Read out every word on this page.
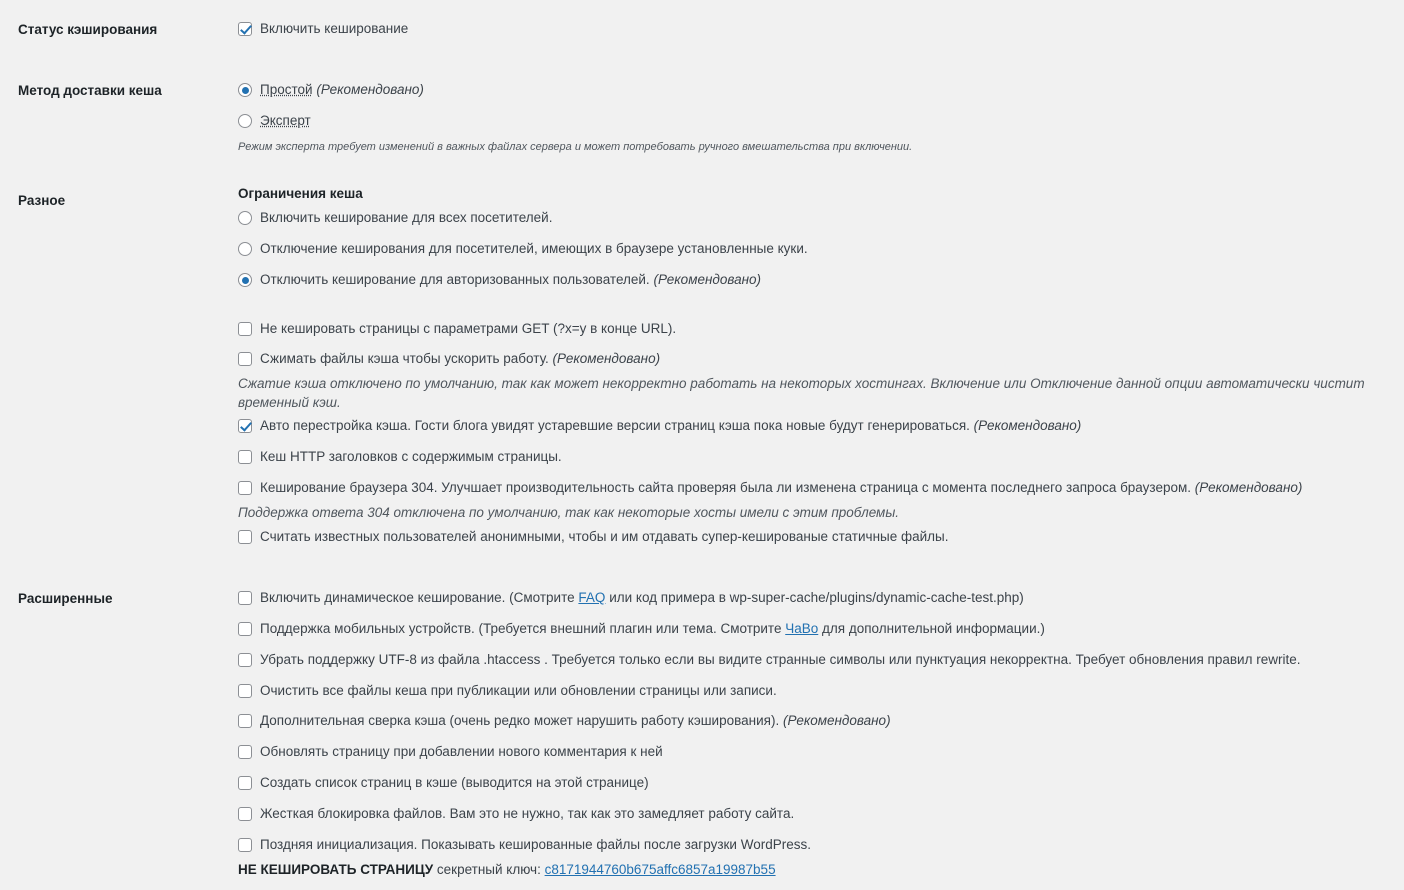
Статус кэширования
Метод доставки кеша
Разное
Расширенные
Включить кеширование
Простой (Рекомендовано)
Эксперт
Режим эксперта требует изменений в важных файлах сервера и может потребовать ручного вмешательства при включении.
Ограничения кеша
Включить кеширование для всех посетителей.
Отключение кеширования для посетителей, имеющих в браузере установленные куки.
Отключить кеширование для авторизованных пользователей. (Рекомендовано)
Не кешировать страницы с параметрами GET (?x=y в конце URL).
Сжимать файлы кэша чтобы ускорить работу. (Рекомендовано)
Сжатие кэша отключено по умолчанию, так как может некорректно работать на некоторых хостингах. Включение или Отключение данной опции автоматически чистит
временный кэш.
Авто перестройка кэша. Гости блога увидят устаревшие версии страниц кэша пока новые будут генерироваться. (Рекомендовано)
Кеш HTTP заголовков с содержимым страницы.
Кеширование браузера 304. Улучшает производительность сайта проверяя была ли изменена страница с момента последнего запроса браузером. (Рекомендовано)
Поддержка ответа 304 отключена по умолчанию, так как некоторые хосты имели с этим проблемы.
Считать известных пользователей анонимными, чтобы и им отдавать супер-кешированые статичные файлы.
Включить динамическое кеширование. (Смотрите FAQ или код примера в wp-super-cache/plugins/dynamic-cache-test.php)
Поддержка мобильных устройств. (Требуется внешний плагин или тема. Смотрите ЧаВо для дополнительной информации.)
Убрать поддержку UTF-8 из файла .htaccess . Требуется только если вы видите странные символы или пунктуация некорректна. Требует обновления правил rewrite.
Очистить все файлы кеша при публикации или обновлении страницы или записи.
Дополнительная сверка кэша (очень редко может нарушить работу кэширования). (Рекомендовано)
Обновлять страницу при добавлении нового комментария к ней
Создать список страниц в кэше (выводится на этой странице)
Жесткая блокировка файлов. Вам это не нужно, так как это замедляет работу сайта.
Поздняя инициализация. Показывать кешированные файлы после загрузки WordPress.
НЕ КЕШИРОВАТЬ СТРАНИЦУ секретный ключ: c8171944760b675affc6857a19987b55
